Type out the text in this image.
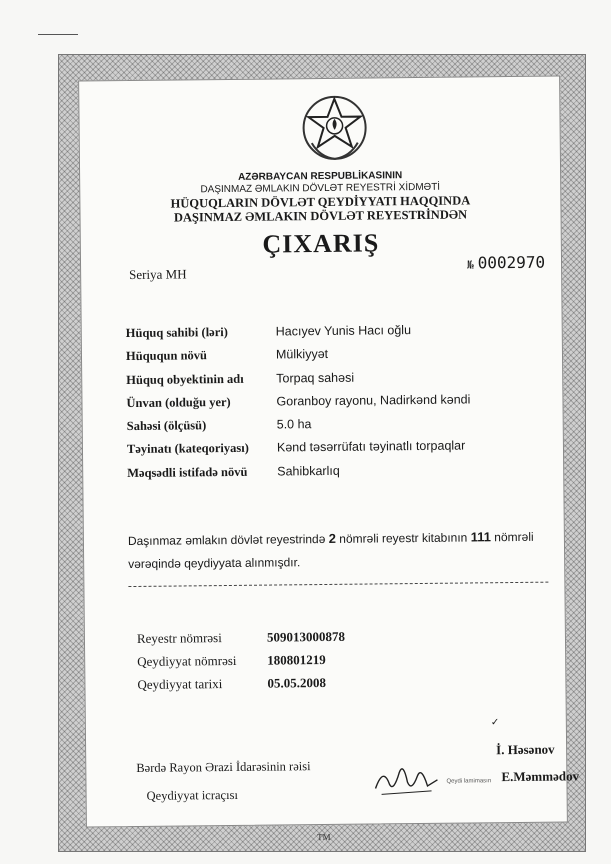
AZƏRBAYCAN RESPUBLİKASININ
DAŞINMAZ ƏMLAKIN DÖVLƏT REYESTRİ XİDMƏTİ
HÜQUQLARIN DÖVLƏT QEYDİYYATI HAQQINDA
DAŞINMAZ ƏMLAKIN DÖVLƏT REYESTRİNDƏN
ÇIXARIŞ
Seriya MH
№ 0002970
Hüquq sahibi (ləri)	Hacıyev Yunis Hacı oğlu
Hüququn növü	Mülkiyyət
Hüquq obyektinin adı	Torpaq sahəsi
Ünvan (olduğu yer)	Goranboy rayonu, Nadirkənd kəndi
Sahəsi (ölçüsü)	5.0 ha
Təyinatı (kateqoriyası)	Kənd təsərrüfatı təyinatlı torpaqlar
Məqsədli istifadə növü	Sahibkarlıq
Daşınmaz əmlakın dövlət reyestrində 2 nömrəli reyestr kitabının 111 nömrəli
vərəqində qeydiyyata alınmışdır.
Reyestr nömrəsi	509013000878
Qeydiyyat nömrəsi	180801219
Qeydiyyat tarixi	05.05.2008
✓
İ. Həsənov
Bərdə Rayon Ərazi İdarəsinin rəisi
Qeydi lamimasın E.Məmmədov
Qeydiyyat icraçısı
TM
